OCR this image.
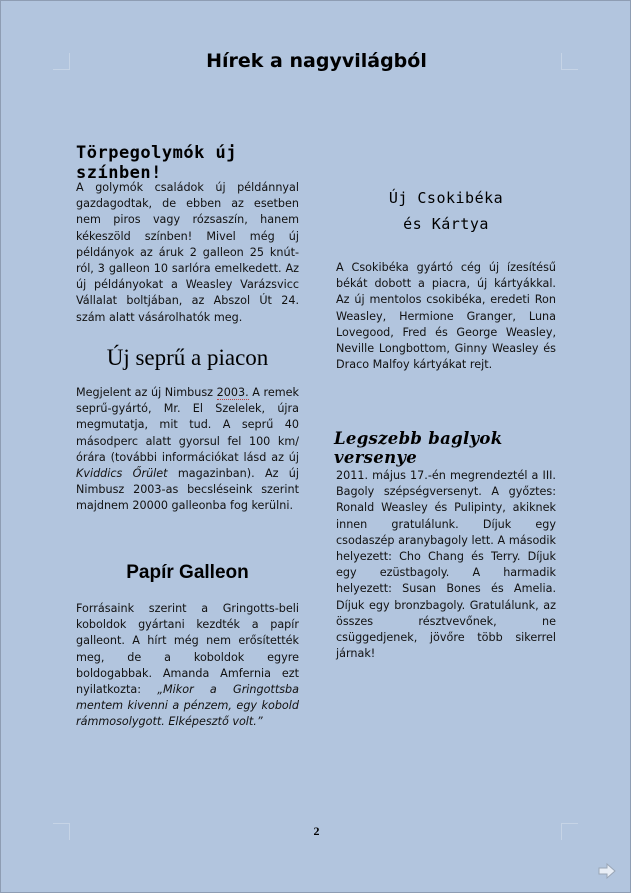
Hírek a nagyvilágból
Törpegolymók új színben!

A golymók családok új példánnyal gazdagodtak, de ebben az esetben nem piros vagy rózsaszín, hanem kékeszöld színben! Mivel még új példányok az áruk 2 galleon 25 knút-ról, 3 galleon 10 sarlóra emelkedett. Az új példányokat a Weasley Varázsvicc Vállalat boltjában, az Abszol Út 24. szám alatt vásárolhatók meg.

Új seprű a piacon

Megjelent az új Nimbusz 2003. A remek seprű-gyártó, Mr. El Szelelek, újra megmutatja, mit tud. A seprű 40 másodperc alatt gyorsul fel 100 km/órára (további információkat lásd az új Kviddics Őrület magazinban). Az új Nimbusz 2003-as becsléseink szerint majdnem 20000 galleonba fog kerülni.

Papír Galleon

Forrásaink szerint a Gringotts-beli koboldok gyártani kezdték a papír galleont. A hírt még nem erősítették meg, de a koboldok egyre boldogabbak. Amanda Amfernia ezt nyilatkozta: „Mikor a Gringottsba mentem kivenni a pénzem, egy kobold rámmosolygott. Elképesztő volt.”

Új Csokibéka
és Kártya

A Csokibéka gyártó cég új ízesítésű békát dobott a piacra, új kártyákkal. Az új mentolos csokibéka, eredeti Ron Weasley, Hermione Granger, Luna Lovegood, Fred és George Weasley, Neville Longbottom, Ginny Weasley és Draco Malfoy kártyákat rejt.

Legszebb baglyok versenye

2011. május 17.-én megrendeztél a III. Bagoly szépségversenyt. A győztes: Ronald Weasley és Pulipinty, akiknek innen gratulálunk. Díjuk egy csodaszép aranybagoly lett. A második helyezett: Cho Chang és Terry. Díjuk egy ezüstbagoly. A harmadik helyezett: Susan Bones és Amelia. Díjuk egy bronzbagoly. Gratulálunk, az összes résztvevőnek, ne csüggedjenek, jövőre több sikerrel járnak!

2
